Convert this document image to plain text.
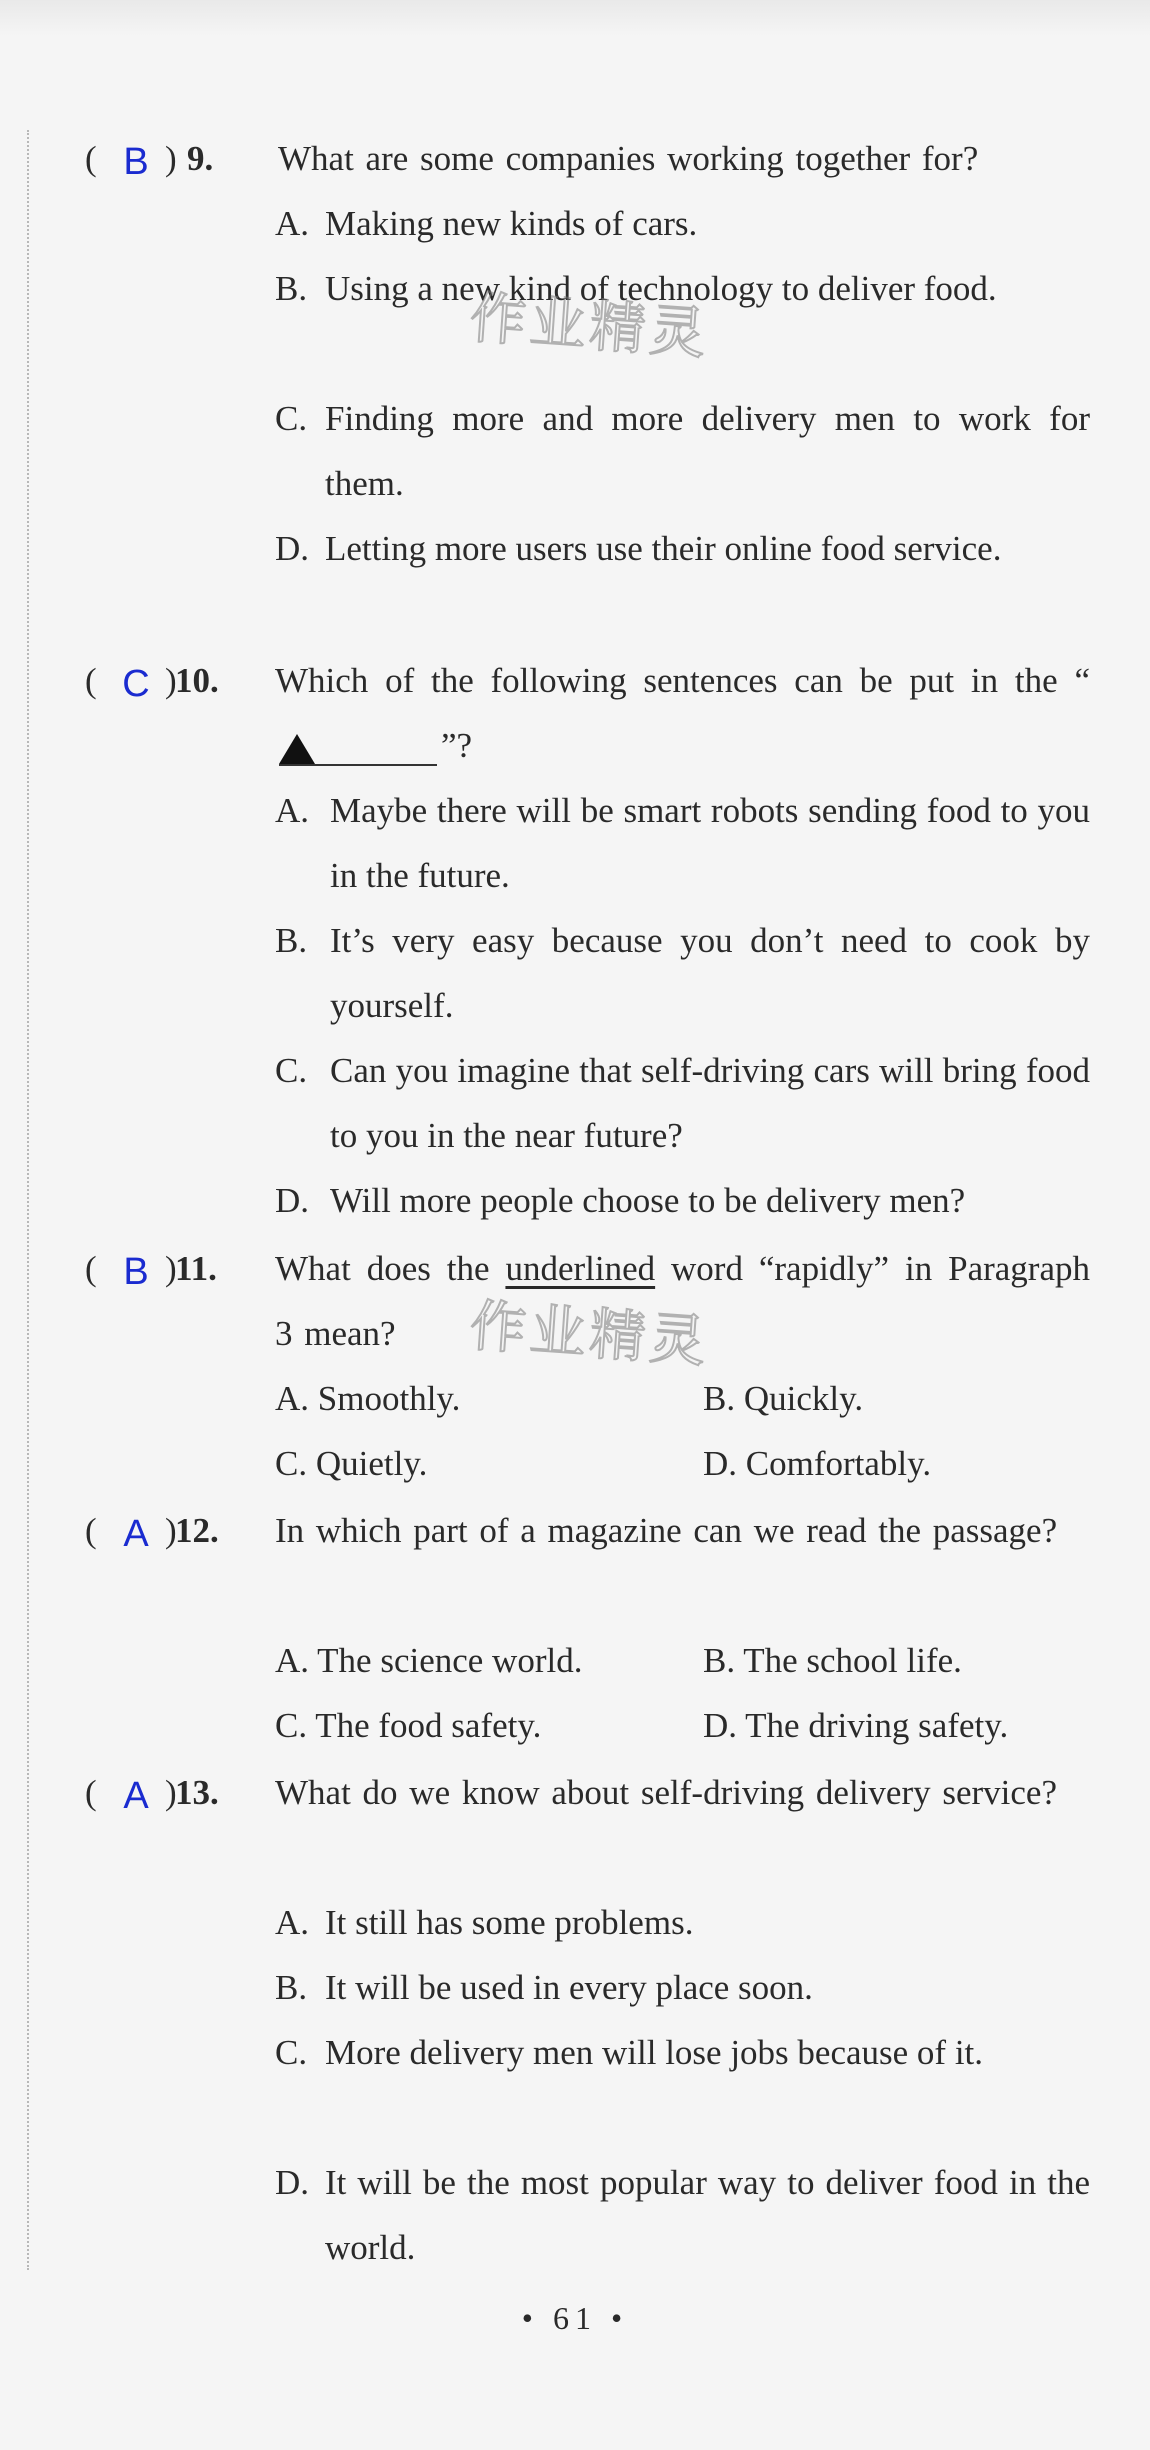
( B ) 9. What are some companies working together for?
A. Making new kinds of cars.
B. Using a new kind of technology to deliver food.
C. Finding more and more delivery men to work for them.
D. Letting more users use their online food service.
( C )10. Which of the following sentences can be put in the “”?
A. Maybe there will be smart robots sending food to you in the future.
B. It’s very easy because you don’t need to cook by yourself.
C. Can you imagine that self-driving cars will bring food to you in the near future?
D. Will more people choose to be delivery men?
( B )11. What does the underlined word “rapidly” in Paragraph 3 mean?
A. Smoothly.	B. Quickly.
C. Quietly.	D. Comfortably.
( A )12. In which part of a magazine can we read the passage?
A. The science world.	B. The school life.
C. The food safety.	D. The driving safety.
( A )13. What do we know about self-driving delivery service?
A. It still has some problems.
B. It will be used in every place soon.
C. More delivery men will lose jobs because of it.
D. It will be the most popular way to deliver food in the world.
作业精灵
作业精灵
• 61 •
